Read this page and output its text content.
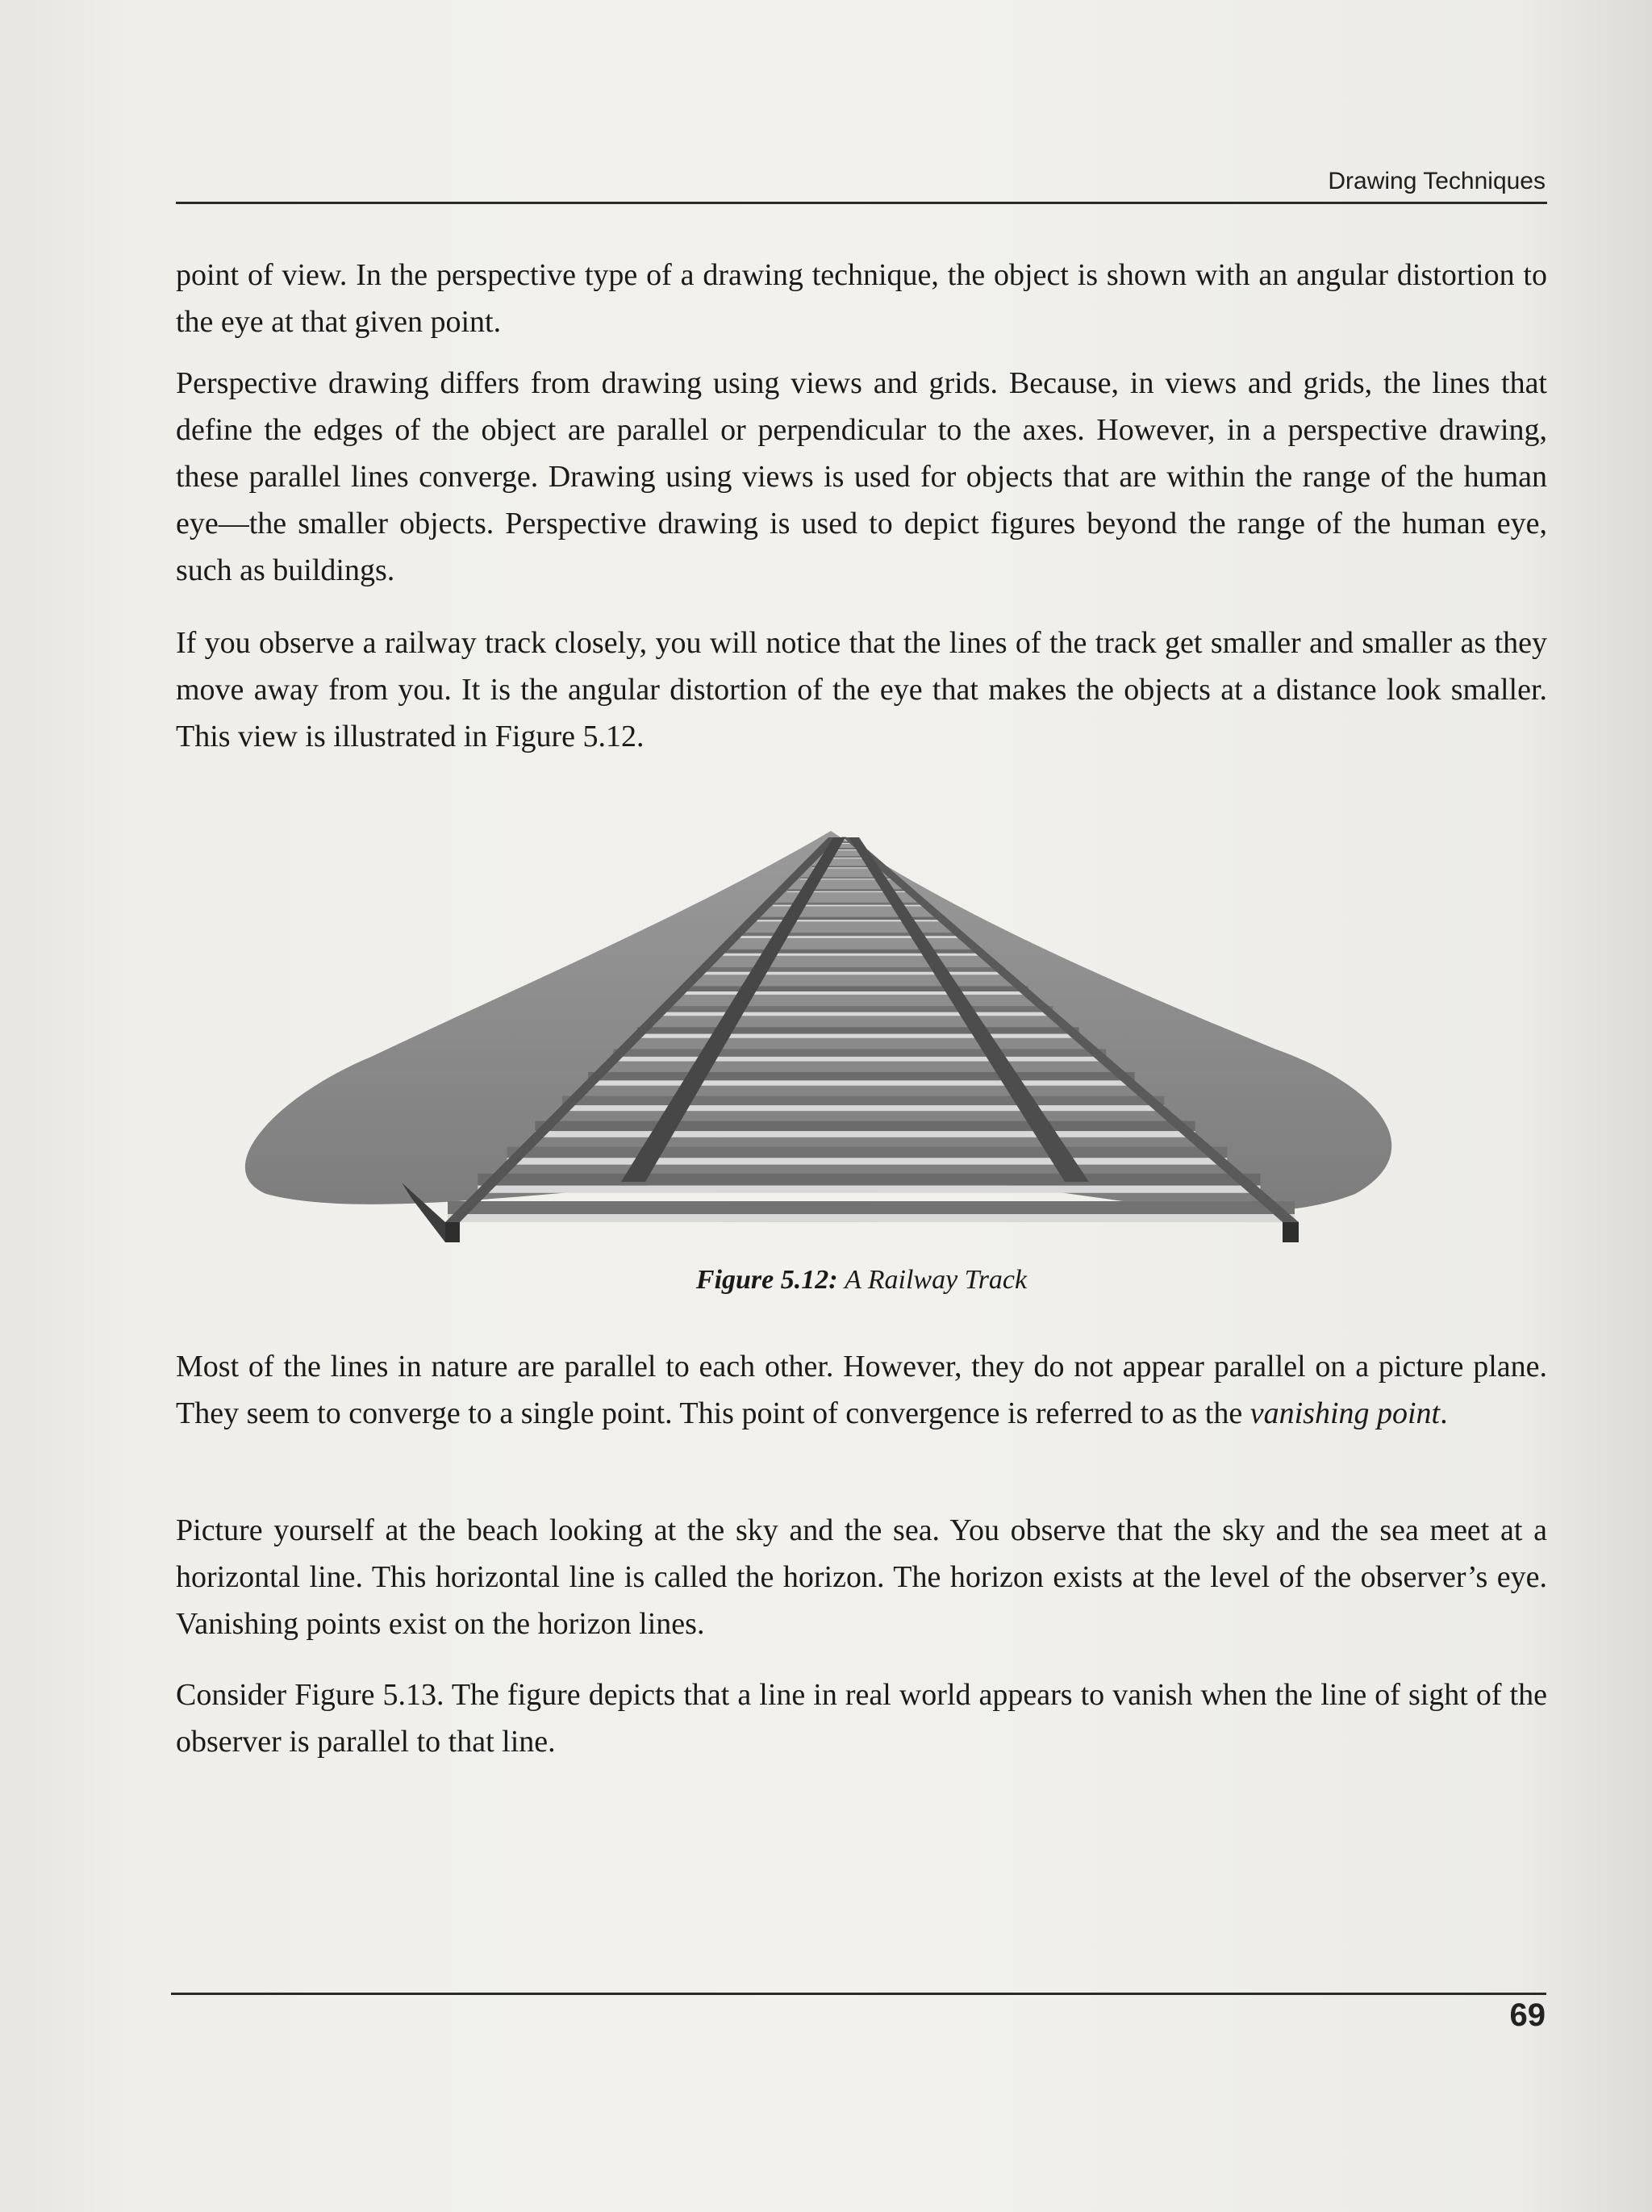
Drawing Techniques

point of view. In the perspective type of a drawing technique, the object is shown with an angular distortion to the eye at that given point.

Perspective drawing differs from drawing using views and grids. Because, in views and grids, the lines that define the edges of the object are parallel or perpendicular to the axes. However, in a perspective drawing, these parallel lines converge. Drawing using views is used for objects that are within the range of the human eye—the smaller objects. Perspective drawing is used to depict figures beyond the range of the human eye, such as buildings.

If you observe a railway track closely, you will notice that the lines of the track get smaller and smaller as they move away from you. It is the angular distortion of the eye that makes the objects at a distance look smaller. This view is illustrated in Figure 5.12.

Figure 5.12: A Railway Track

Most of the lines in nature are parallel to each other. However, they do not appear parallel on a picture plane. They seem to converge to a single point. This point of convergence is referred to as the vanishing point.

Picture yourself at the beach looking at the sky and the sea. You observe that the sky and the sea meet at a horizontal line. This horizontal line is called the horizon. The horizon exists at the level of the observer’s eye. Vanishing points exist on the horizon lines.

Consider Figure 5.13. The figure depicts that a line in real world appears to vanish when the line of sight of the observer is parallel to that line.

69
